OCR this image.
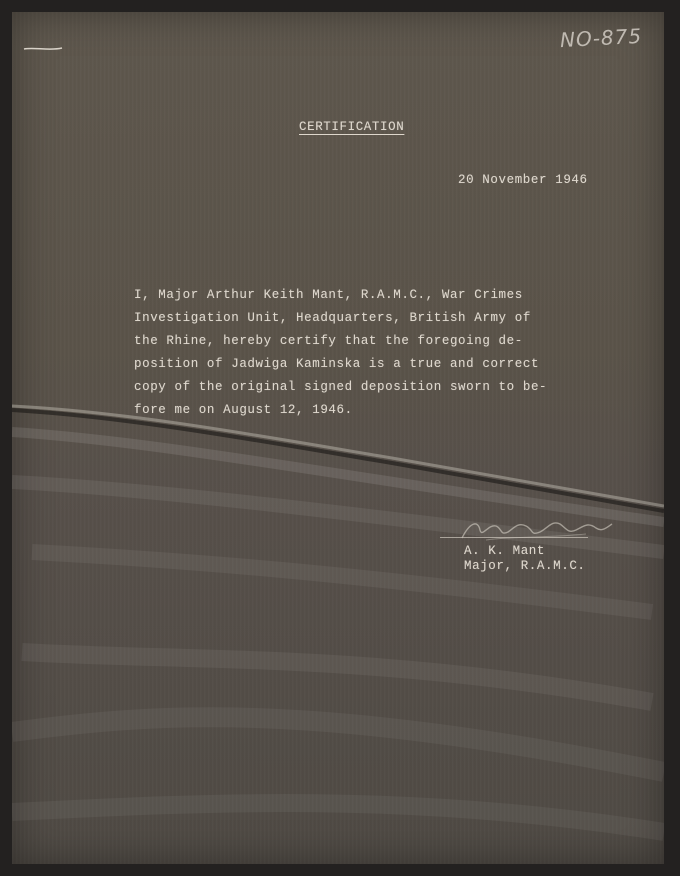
NO-875
CERTIFICATION
20 November 1946

I, Major Arthur Keith Mant, R.A.M.C., War Crimes
Investigation Unit, Headquarters, British Army of
the Rhine, hereby certify that the foregoing de-
position of Jadwiga Kaminska is a true and correct
copy of the original signed deposition sworn to be-
fore me on August 12, 1946.

A. K. Mant
Major, R.A.M.C.
